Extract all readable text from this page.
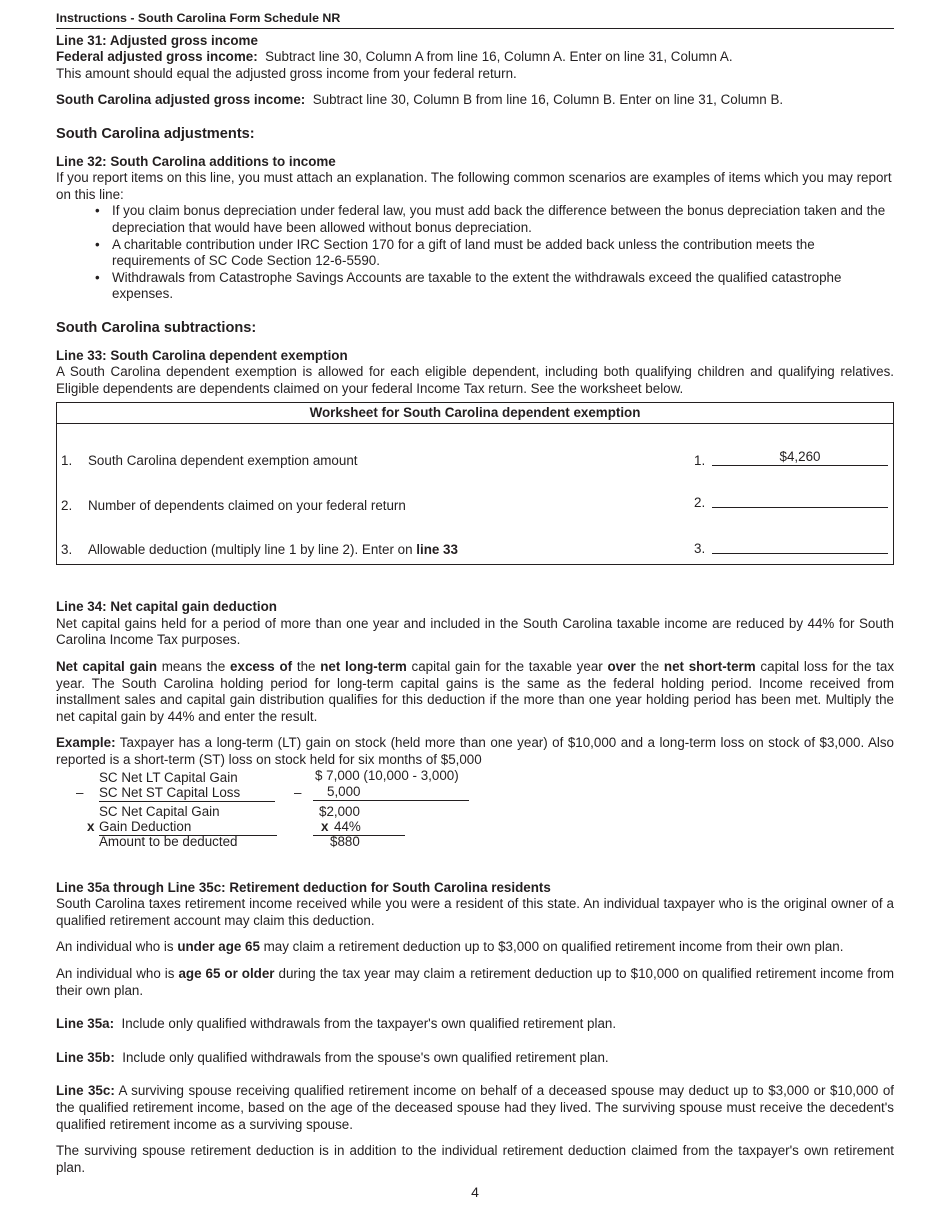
Instructions - South Carolina Form Schedule NR

Line 31: Adjusted gross income

Federal adjusted gross income: Subtract line 30, Column A from line 16, Column A. Enter on line 31, Column A.

This amount should equal the adjusted gross income from your federal return.

South Carolina adjusted gross income: Subtract line 30, Column B from line 16, Column B. Enter on line 31, Column B.

South Carolina adjustments:

Line 32: South Carolina additions to income

If you report items on this line, you must attach an explanation. The following common scenarios are examples of items which you may report on this line:

• If you claim bonus depreciation under federal law, you must add back the difference between the bonus depreciation taken and the depreciation that would have been allowed without bonus depreciation.
• A charitable contribution under IRC Section 170 for a gift of land must be added back unless the contribution meets the requirements of SC Code Section 12-6-5590.
• Withdrawals from Catastrophe Savings Accounts are taxable to the extent the withdrawals exceed the qualified catastrophe expenses.

South Carolina subtractions:

Line 33: South Carolina dependent exemption

A South Carolina dependent exemption is allowed for each eligible dependent, including both qualifying children and qualifying relatives. Eligible dependents are dependents claimed on your federal Income Tax return. See the worksheet below.

Worksheet for South Carolina dependent exemption
1. South Carolina dependent exemption amount	1.	$4,260
2. Number of dependents claimed on your federal return	2.
3. Allowable deduction (multiply line 1 by line 2). Enter on line 33	3.

Line 34: Net capital gain deduction

Net capital gains held for a period of more than one year and included in the South Carolina taxable income are reduced by 44% for South Carolina Income Tax purposes.

Net capital gain means the excess of the net long-term capital gain for the taxable year over the net short-term capital loss for the tax year. The South Carolina holding period for long-term capital gains is the same as the federal holding period. Income received from installment sales and capital gain distribution qualifies for this deduction if the more than one year holding period has been met. Multiply the net capital gain by 44% and enter the result.

Example: Taxpayer has a long-term (LT) gain on stock (held more than one year) of $10,000 and a long-term loss on stock of $3,000. Also reported is a short-term (ST) loss on stock held for six months of $5,000

SC Net LT Capital Gain	$ 7,000 (10,000 - 3,000)
– SC Net ST Capital Loss	–	5,000
SC Net Capital Gain	$2,000
x Gain Deduction	x 44%
Amount to be deducted	$880

Line 35a through Line 35c: Retirement deduction for South Carolina residents

South Carolina taxes retirement income received while you were a resident of this state. An individual taxpayer who is the original owner of a qualified retirement account may claim this deduction.

An individual who is under age 65 may claim a retirement deduction up to $3,000 on qualified retirement income from their own plan.

An individual who is age 65 or older during the tax year may claim a retirement deduction up to $10,000 on qualified retirement income from their own plan.

Line 35a: Include only qualified withdrawals from the taxpayer's own qualified retirement plan.

Line 35b: Include only qualified withdrawals from the spouse's own qualified retirement plan.

Line 35c: A surviving spouse receiving qualified retirement income on behalf of a deceased spouse may deduct up to $3,000 or $10,000 of the qualified retirement income, based on the age of the deceased spouse had they lived. The surviving spouse must receive the decedent's qualified retirement income as a surviving spouse.

The surviving spouse retirement deduction is in addition to the individual retirement deduction claimed from the taxpayer's own retirement plan.

4
